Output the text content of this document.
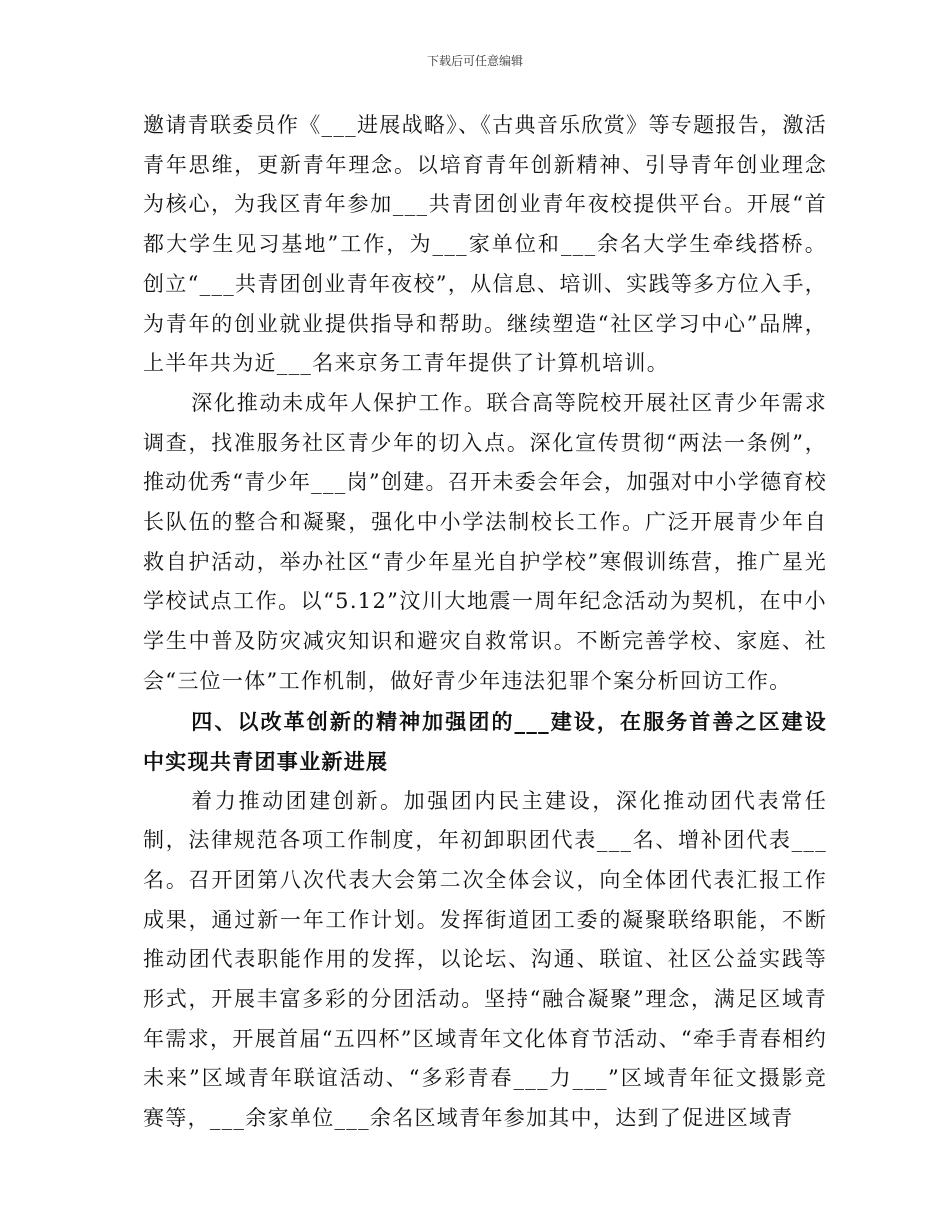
下载后可任意编辑

邀请青联委员作《___进展战略》、《古典音乐欣赏》等专题报告，激活青年思维，更新青年理念。以培育青年创新精神、引导青年创业理念为核心，为我区青年参加___共青团创业青年夜校提供平台。开展“首都大学生见习基地”工作，为___家单位和___余名大学生牵线搭桥。创立“___共青团创业青年夜校”，从信息、培训、实践等多方位入手，为青年的创业就业提供指导和帮助。继续塑造“社区学习中心”品牌，上半年共为近___名来京务工青年提供了计算机培训。

深化推动未成年人保护工作。联合高等院校开展社区青少年需求调查，找准服务社区青少年的切入点。深化宣传贯彻“两法一条例”，推动优秀“青少年___岗”创建。召开未委会年会，加强对中小学德育校长队伍的整合和凝聚，强化中小学法制校长工作。广泛开展青少年自救自护活动，举办社区“青少年星光自护学校”寒假训练营，推广星光学校试点工作。以“5.12”汶川大地震一周年纪念活动为契机，在中小学生中普及防灾减灾知识和避灾自救常识。不断完善学校、家庭、社会“三位一体”工作机制，做好青少年违法犯罪个案分析回访工作。

四、以改革创新的精神加强团的___建设，在服务首善之区建设中实现共青团事业新进展

着力推动团建创新。加强团内民主建设，深化推动团代表常任制，法律规范各项工作制度，年初卸职团代表___名、增补团代表___名。召开团第八次代表大会第二次全体会议，向全体团代表汇报工作成果，通过新一年工作计划。发挥街道团工委的凝聚联络职能，不断推动团代表职能作用的发挥，以论坛、沟通、联谊、社区公益实践等形式，开展丰富多彩的分团活动。坚持“融合凝聚”理念，满足区域青年需求，开展首届“五四杯”区域青年文化体育节活动、“牵手青春相约未来”区域青年联谊活动、“多彩青春___力___”区域青年征文摄影竞赛等，___余家单位___余名区域青年参加其中，达到了促进区域青
